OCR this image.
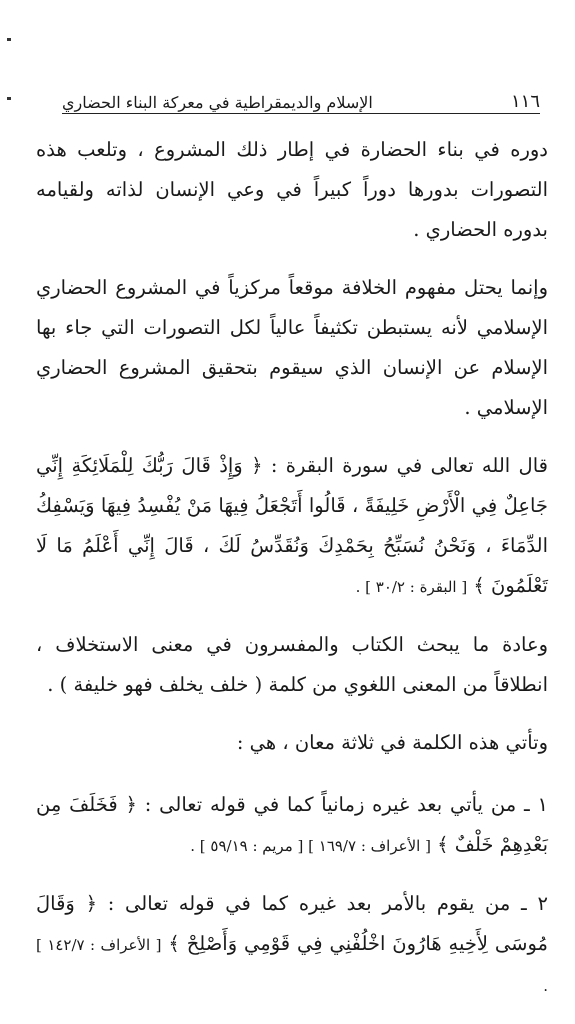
١١٦
الإسلام والديمقراطية في معركة البناء الحضاري

دوره في بناء الحضارة في إطار ذلك المشروع ، وتلعب هذه التصورات بدورها دوراً كبيراً في وعي الإنسان لذاته ولقيامه بدوره الحضاري .

وإنما يحتل مفهوم الخلافة موقعاً مركزياً في المشروع الحضاري الإسلامي لأنه يستبطن تكثيفاً عالياً لكل التصورات التي جاء بها الإسلام عن الإنسان الذي سيقوم بتحقيق المشروع الحضاري الإسلامي .

قال الله تعالى في سورة البقرة : ﴿ وَإِذْ قَالَ رَبُّكَ لِلْمَلَائِكَةِ إِنِّي جَاعِلٌ فِي الْأَرْضِ خَلِيفَةً ، قَالُوا أَتَجْعَلُ فِيهَا مَنْ يُفْسِدُ فِيهَا وَيَسْفِكُ الدِّمَاءَ ، وَنَحْنُ نُسَبِّحُ بِحَمْدِكَ وَنُقَدِّسُ لَكَ ، قَالَ إِنِّي أَعْلَمُ مَا لَا تَعْلَمُونَ ﴾ [ البقرة : ٣٠/٢ ] .

وعادة ما يبحث الكتاب والمفسرون في معنى الاستخلاف ، انطلاقاً من المعنى اللغوي من كلمة ( خلف يخلف فهو خليفة ) .

وتأتي هذه الكلمة في ثلاثة معان ، هي :

١ ـ من يأتي بعد غيره زمانياً كما في قوله تعالى : ﴿ فَخَلَفَ مِن بَعْدِهِمْ خَلْفٌ ﴾ [ الأعراف : ١٦٩/٧ ] [ مريم : ٥٩/١٩ ] .

٢ ـ من يقوم بالأمر بعد غيره كما في قوله تعالى : ﴿ وَقَالَ مُوسَى لِأَخِيهِ هَارُونَ اخْلُفْنِي فِي قَوْمِي وَأَصْلِحْ ﴾ [ الأعراف : ١٤٢/٧ ] .
